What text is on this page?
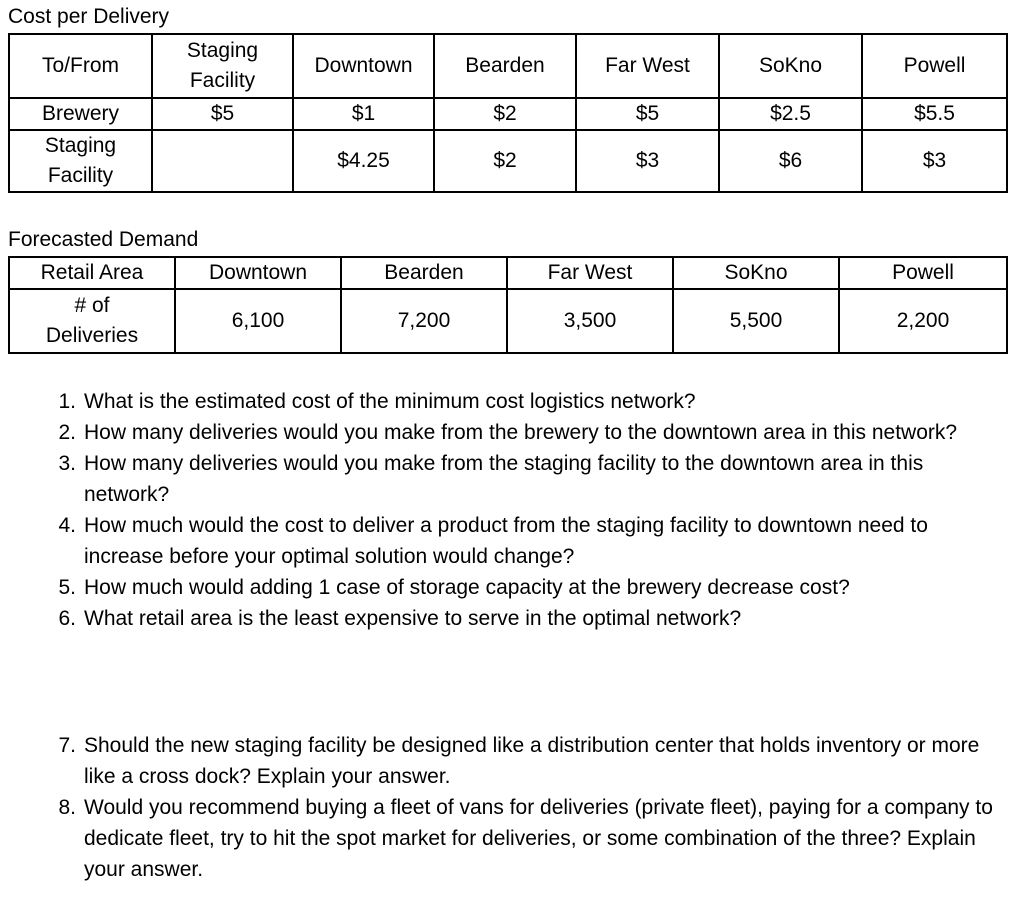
Cost per Delivery
To/From	Staging Facility	Downtown	Bearden	Far West	SoKno	Powell
Brewery	$5	$1	$2	$5	$2.5	$5.5

Staging Facility		$4.25	$2	$3	$6	$3
Forecasted Demand
Retail Area	Downtown	Bearden	Far West	SoKno	Powell

# of
Deliveries	6,100	7,200	3,500	5,500	2,200
1. What is the estimated cost of the minimum cost logistics network?
2. How many deliveries would you make from the brewery to the downtown area in this network?
3. How many deliveries would you make from the staging facility to the downtown area in this network?
4. How much would the cost to deliver a product from the staging facility to downtown need to increase before your optimal solution would change?
5. How much would adding 1 case of storage capacity at the brewery decrease cost?
6. What retail area is the least expensive to serve in the optimal network?
7. Should the new staging facility be designed like a distribution center that holds inventory or more like a cross dock? Explain your answer.
8. Would you recommend buying a fleet of vans for deliveries (private fleet), paying for a company to dedicate fleet, try to hit the spot market for deliveries, or some combination of the three? Explain your answer.
